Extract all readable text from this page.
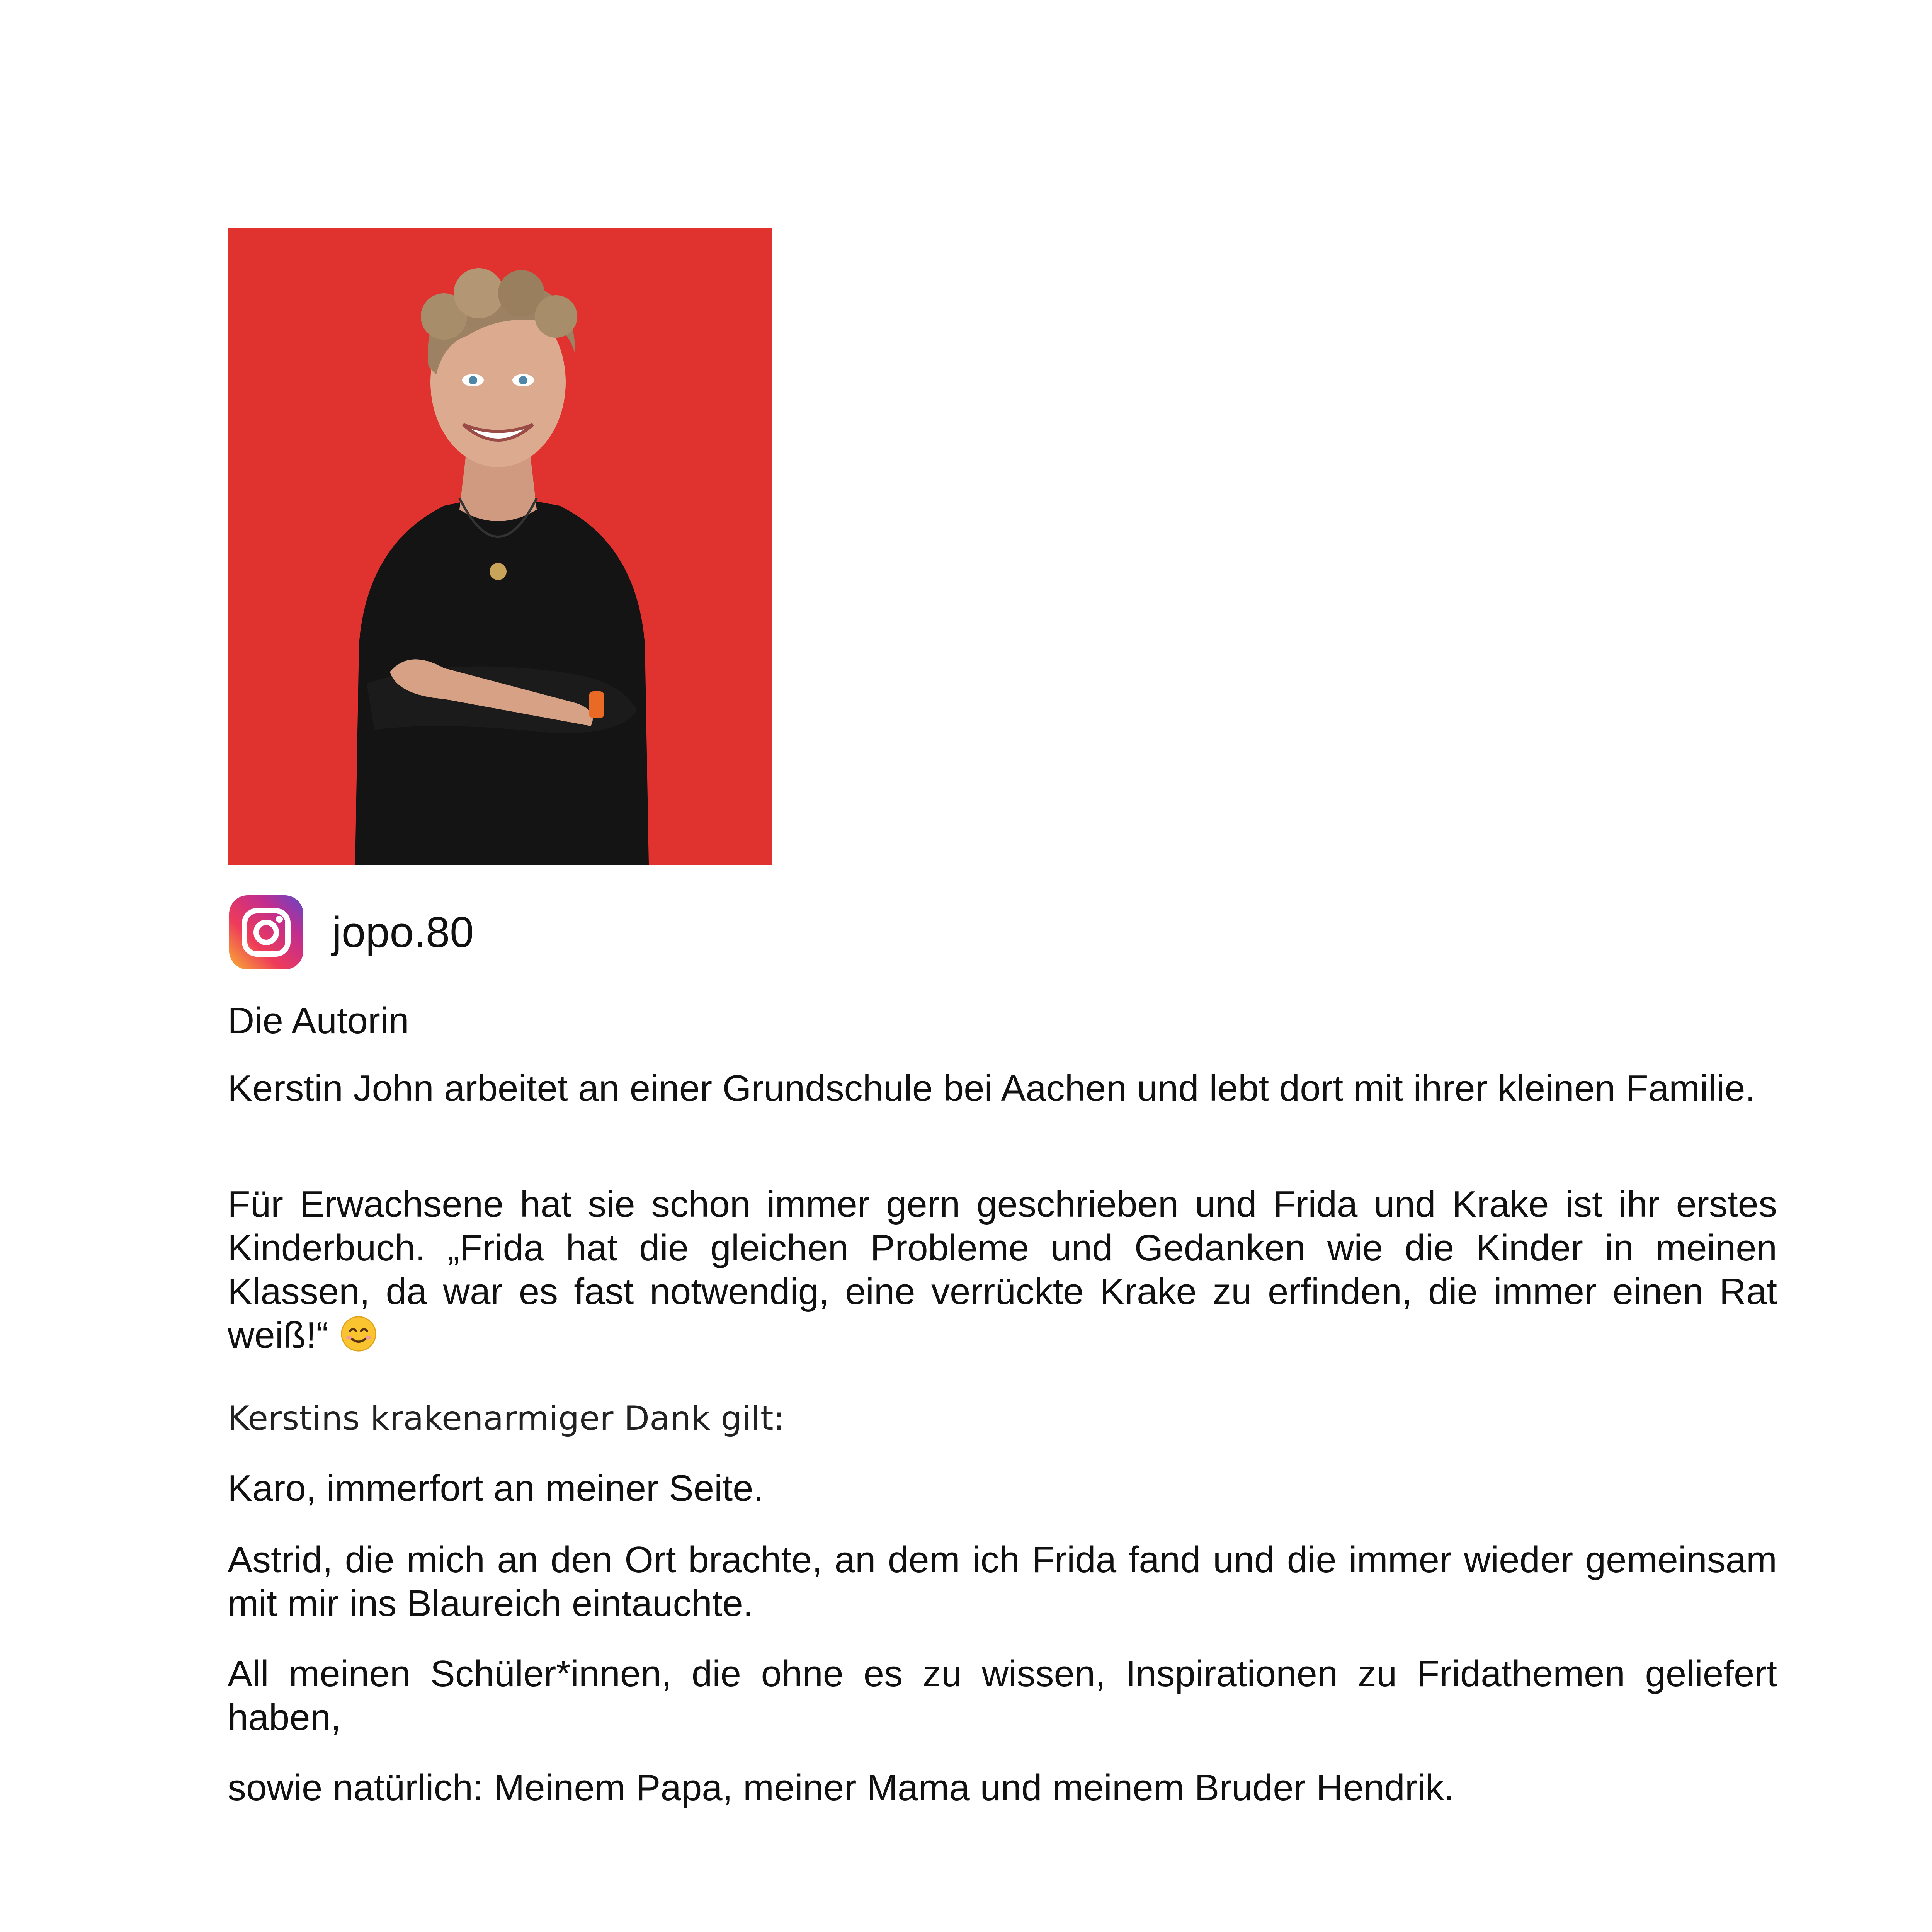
jopo.80

Die Autorin

Kerstin John arbeitet an einer Grundschule bei Aachen und lebt dort mit ihrer kleinen Familie.

Für Erwachsene hat sie schon immer gern geschrieben und Frida und Krake ist ihr erstes Kinderbuch. „Frida hat die gleichen Probleme und Gedanken wie die Kinder in meinen Klassen, da war es fast notwendig, eine verrückte Krake zu erfinden, die immer einen Rat weiß!“

Kerstins krakenarmiger Dank gilt:

Karo, immerfort an meiner Seite.

Astrid, die mich an den Ort brachte, an dem ich Frida fand und die immer wieder gemeinsam mit mir ins Blaureich eintauchte.

All meinen Schüler*innen, die ohne es zu wissen, Inspirationen zu Fridathemen geliefert haben,

sowie natürlich: Meinem Papa, meiner Mama und meinem Bruder Hendrik.
